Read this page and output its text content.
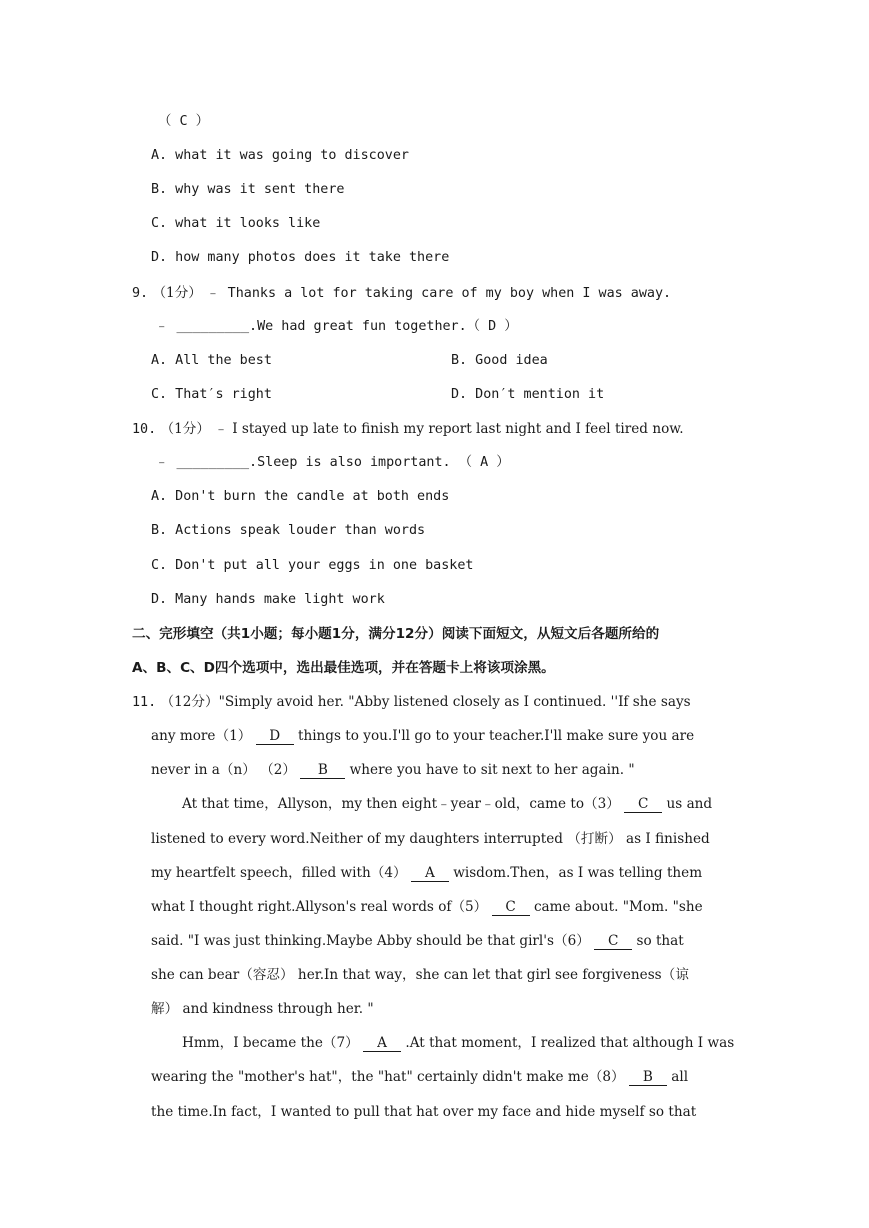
（ C ）
A. what it was going to discover
B. why was it sent there
C. what it looks like
D. how many photos does it take there
9. （1分） ﹣ Thanks a lot for taking care of my boy when I was away.
﹣ _________.We had great fun together.（ D ）
A. All the best	B. Good idea
C. That′s right	D. Don′t mention it
10. （1分） ﹣ I stayed up late to finish my report last night and I feel tired now.
﹣ _________.Sleep is also important. （ A ）
A. Don't burn the candle at both ends
B. Actions speak louder than words
C. Don't put all your eggs in one basket
D. Many hands make light work
二、完形填空（共1小题；每小题1分，满分12分）阅读下面短文，从短文后各题所给的
A、B、C、D四个选项中，选出最佳选项，并在答题卡上将该项涂黑。
11. （12分）"Simply avoid her. "Abby listened closely as I continued. ''If she says
any more（1） D things to you.I'll go to your teacher.I'll make sure you are
never in a（n） （2） B where you have to sit next to her again. "
At that time，Allyson，my then eight﹣year﹣old，came to（3） C us and
listened to every word.Neither of my daughters interrupted （打断） as I finished
my heartfelt speech，filled with（4） A wisdom.Then，as I was telling them
what I thought right.Allyson's real words of（5） C came about. "Mom. "she
said. "I was just thinking.Maybe Abby should be that girl's（6） C so that
she can bear（容忍） her.In that way，she can let that girl see forgiveness（谅
解） and kindness through her. "
Hmm，I became the（7） A .At that moment，I realized that although I was
wearing the "mother's hat"，the "hat" certainly didn't make me（8） B all
the time.In fact，I wanted to pull that hat over my face and hide myself so that
